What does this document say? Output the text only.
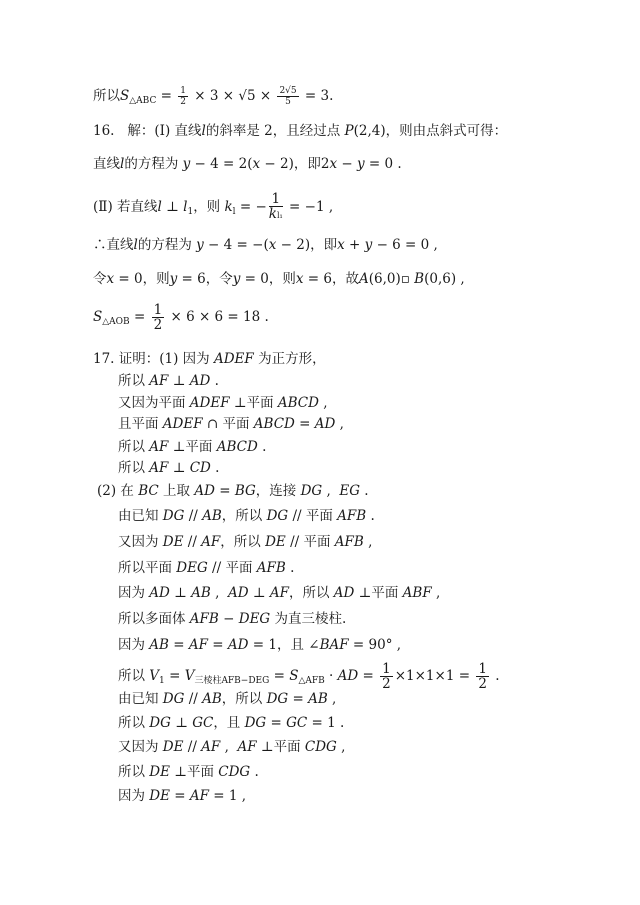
所以$S_{\triangle ABC} = \frac{1}{2} \times 3 \times √5 \times \frac{2√5}{5} = 3$.
16. 解：(Ⅰ) 直线l的斜率是 2，且经过点 P(2,4)，则由点斜式可得：
直线l的方程为 y − 4 = 2(x − 2)，即2x − y = 0 .
(Ⅱ) 若直线l ⊥ $l_1$，则 $k_l$ = − $\frac{1}{\text{kl₁}} = -1$ ,
∴直线l的方程为 y − 4 = −(x − 2)，即x + y − 6 = 0 ,
令x = 0，则y = 6，令y = 0，则x = 6，故A(6,0)▫ B(0,6) ,
$S_{\triangle AOB} = \frac{1}{2} \times 6 \times 6 = 18$ .
17. 证明：(1) 因为 ADEF 为正方形，
所以 AF ⊥ AD .
又因为平面 ADEF ⊥平面 ABCD ,
且平面 ADEF ∩ 平面 ABCD = AD ,
所以 AF ⊥平面 ABCD .
所以 AF ⊥ CD .
(2) 在 BC 上取 AD = BG，连接 DG ,  EG .
由已知 DG // AB，所以 DG // 平面 AFB .
又因为 DE // AF，所以 DE // 平面 AFB ,
所以平面 DEG // 平面 AFB .
因为 AD ⊥ AB ,  AD ⊥ AF，所以 AD ⊥平面 ABF ,
所以多面体 AFB − DEG 为直三棱柱.
因为 AB = AF = AD = 1，且 ∠BAF = 90° ,
所以 $V_1 = V_{三棱柱AFB-DEG} = S_{\triangle AFB}$ · AD = $\frac{1}{2} \times 1\times 1\times 1 = \frac{1}{2}$ .
由已知 DG // AB，所以 DG = AB ,
所以 DG ⊥ GC，且 DG = GC = 1 .
又因为 DE // AF ,  AF ⊥平面 CDG ,
所以 DE ⊥平面 CDG .
因为 DE = AF = 1 ,
